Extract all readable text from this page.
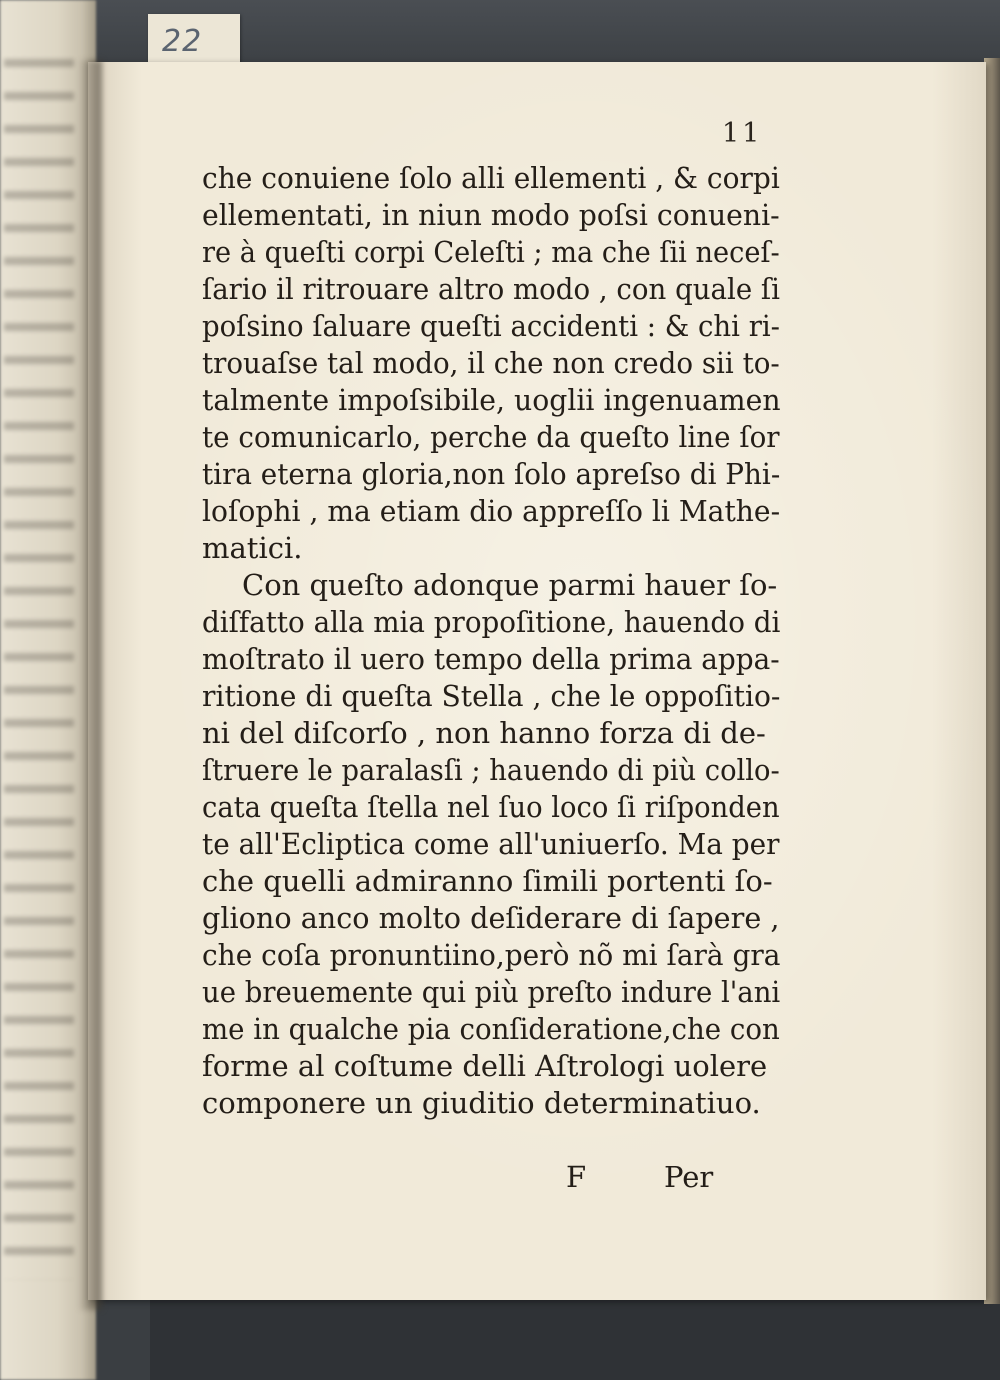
22
11
che conuiene ſolo alli ellementi , & corpi
ellementati, in niun modo poſsi conueni-
re à queſti corpi Celeſti ; ma che ſii neceſ-
ſario il ritrouare altro modo , con quale ſi
poſsino ſaluare queſti accidenti : & chi ri-
trouaſse tal modo, il che non credo sii to-
talmente impoſsibile, uoglii ingenuamen
te comunicarlo, perche da queſto line ſor
tira eterna gloria,non ſolo apreſso di Phi-
loſophi , ma etiam dio appreſſo li Mathe-
matici.
Con queſto adonque parmi hauer ſo-
diſfatto alla mia propoſitione, hauendo di
moſtrato il uero tempo della prima appa-
ritione di queſta Stella , che le oppoſitio-
ni del diſcorſo , non hanno forza di de-
ſtruere le paralasſi ; hauendo di più collo-
cata queſta ſtella nel ſuo loco ſi riſponden
te all'Ecliptica come all'uniuerſo. Ma per
che quelli admiranno ſimili portenti ſo-
gliono anco molto deſiderare di ſapere ,
che coſa pronuntiino,però nõ mi ſarà gra
ue breuemente qui più preſto indure l'ani
me in qualche pia conſideratione,che con
forme al coſtume delli Aſtrologi uolere
componere un giuditio determinatiuo.
F	Per
